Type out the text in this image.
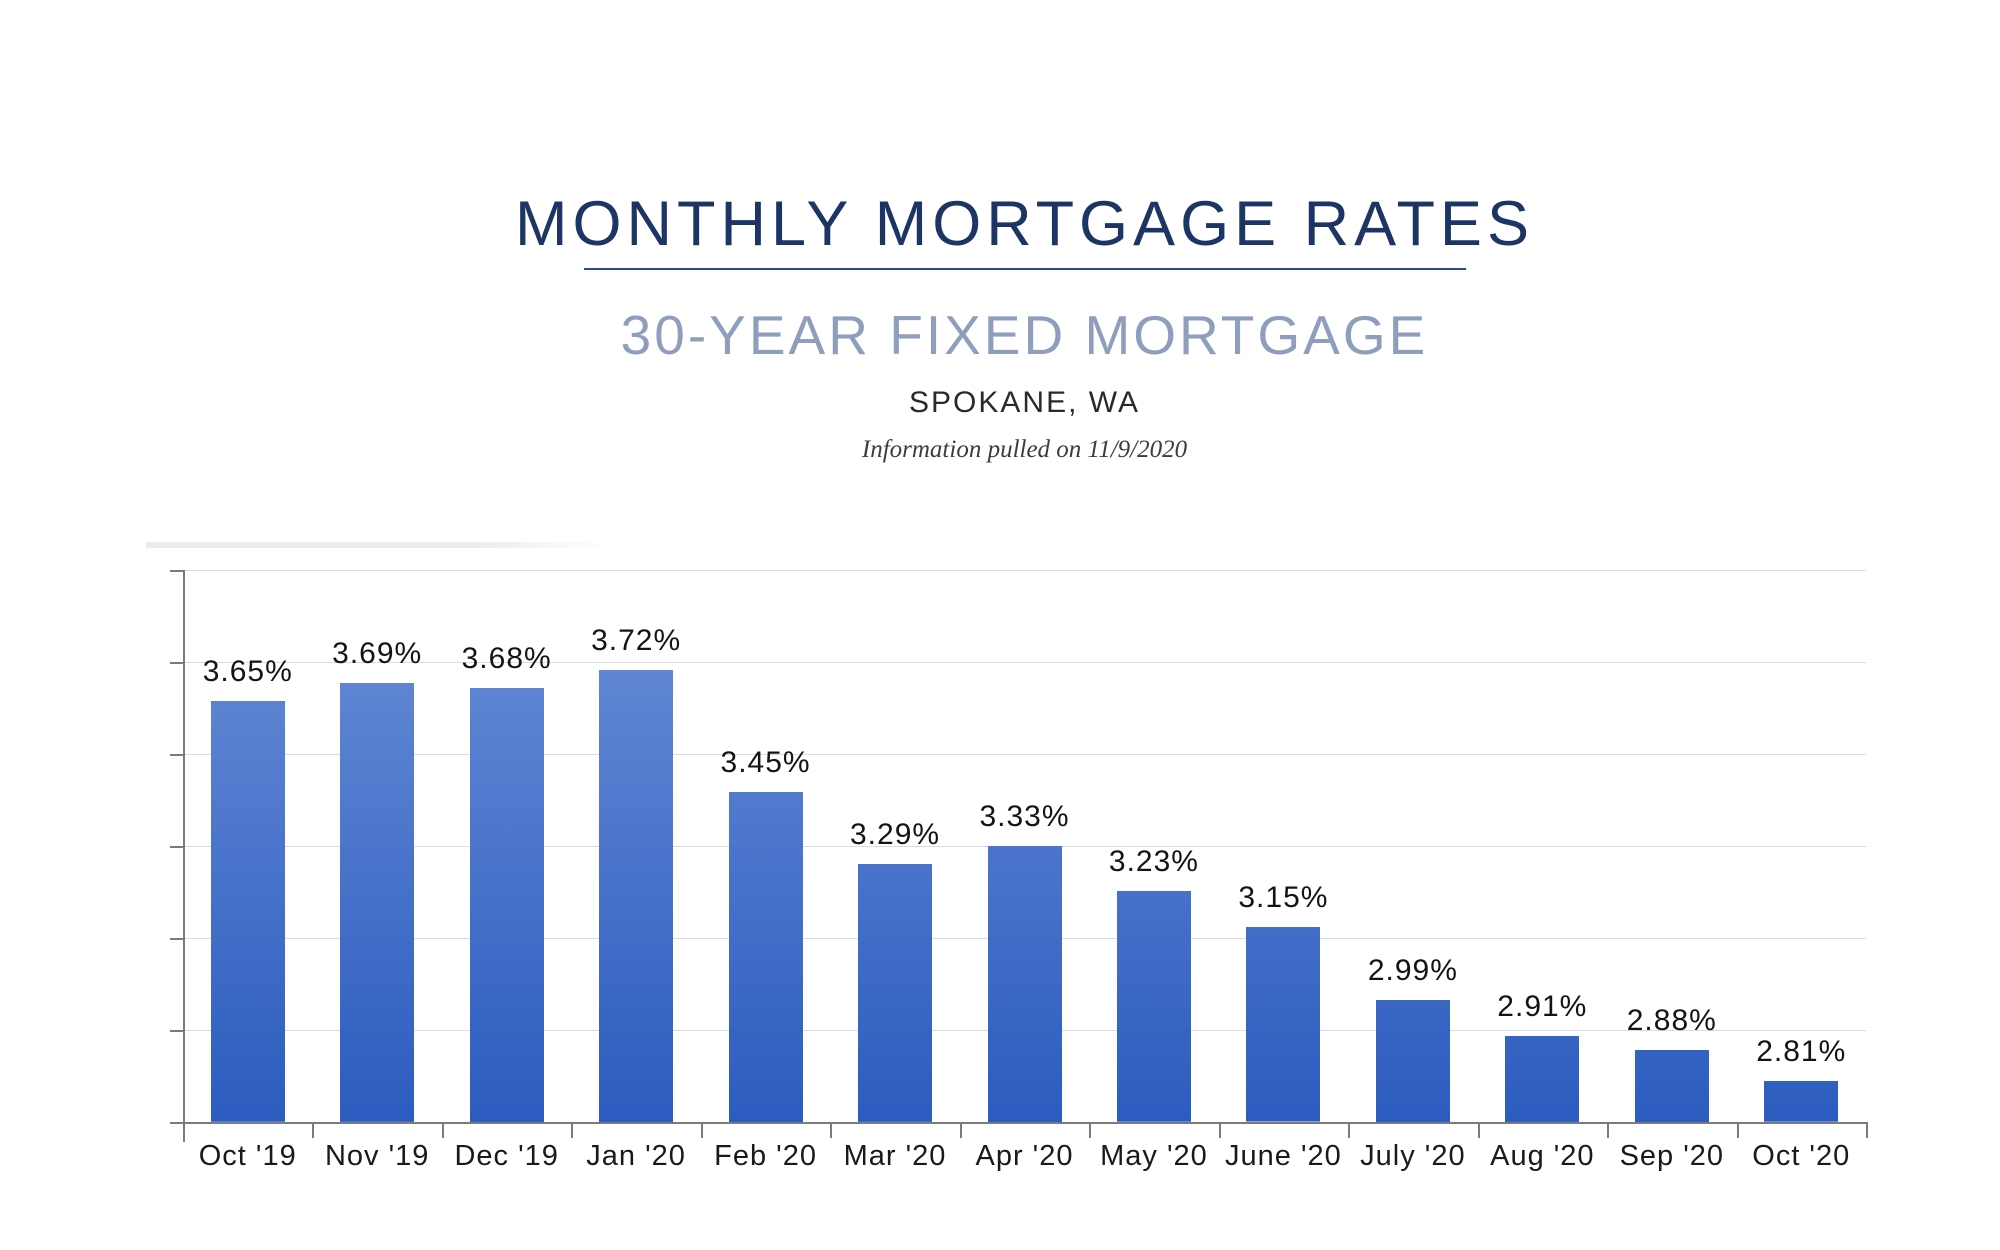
MONTHLY MORTGAGE RATES
30-YEAR FIXED MORTGAGE
SPOKANE, WA
Information pulled on 11/9/2020
3.65%
3.69%	3.68%
3.72%
3.45%
3.29%
3.33%
3.23%
3.15%
2.99%
2.91%	2.88%
2.81%
Oct '19 Nov '19 Dec '19 Jan '20 Feb '20 Mar '20	Apr '20 May '20 June '20 July '20 Aug '20 Sep '20 Oct '20
